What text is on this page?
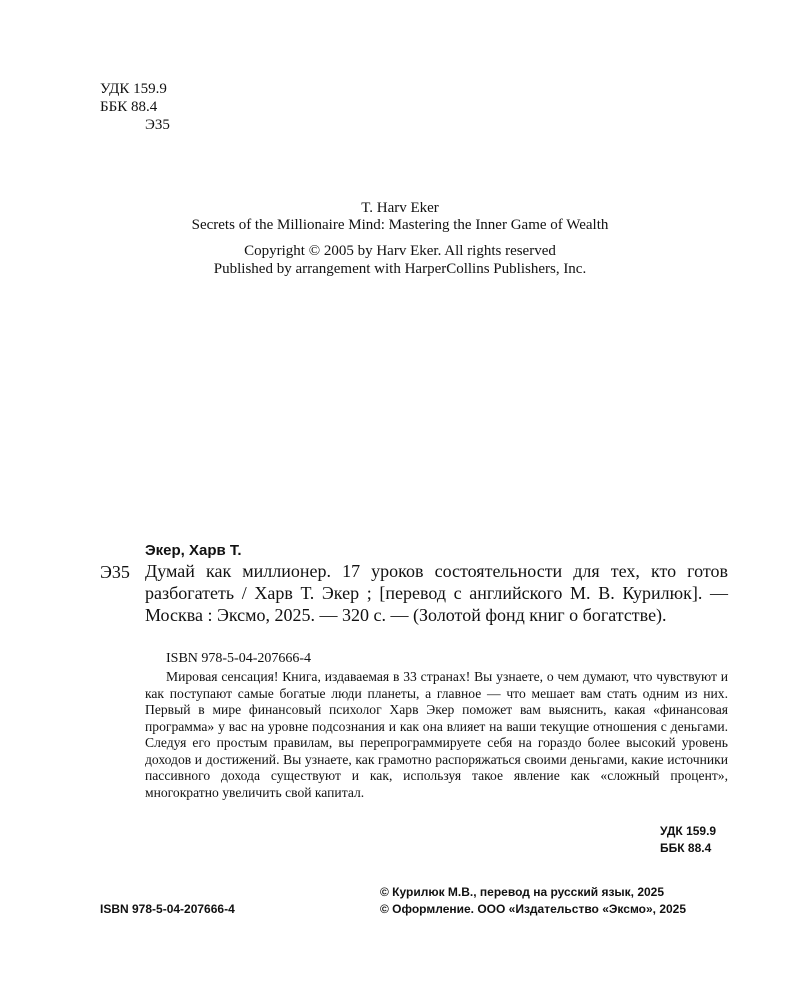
УДК 159.9
ББК 88.4
Э35
T. Harv Eker
Secrets of the Millionaire Mind: Mastering the Inner Game of Wealth
Copyright © 2005 by Harv Eker. All rights reserved
Published by arrangement with HarperCollins Publishers, Inc.
Экер, Харв Т.
Э35 Думай как миллионер. 17 уроков состоятельности для тех, кто готов разбогатеть / Харв Т. Экер ; [перевод с английского М. В. Курилюк]. — Москва : Эксмо, 2025. — 320 с. — (Золотой фонд книг о богатстве).
ISBN 978-5-04-207666-4
Мировая сенсация! Книга, издаваемая в 33 странах! Вы узнаете, о чем думают, что чувствуют и как поступают самые богатые люди планеты, а главное — что мешает вам стать одним из них. Первый в мире финансовый психолог Харв Экер поможет вам выяснить, какая «финансовая программа» у вас на уровне подсознания и как она влияет на ваши текущие отношения с деньгами. Следуя его простым правилам, вы перепрограммируете себя на гораздо более высокий уровень доходов и достижений. Вы узнаете, как грамотно распоряжаться своими деньгами, какие источники пассивного дохода существуют и как, используя такое явление как «сложный процент», многократно увеличить свой капитал.
УДК 159.9
ББК 88.4
ISBN 978-5-04-207666-4
© Курилюк М.В., перевод на русский язык, 2025
© Оформление. ООО «Издательство «Эксмо», 2025
